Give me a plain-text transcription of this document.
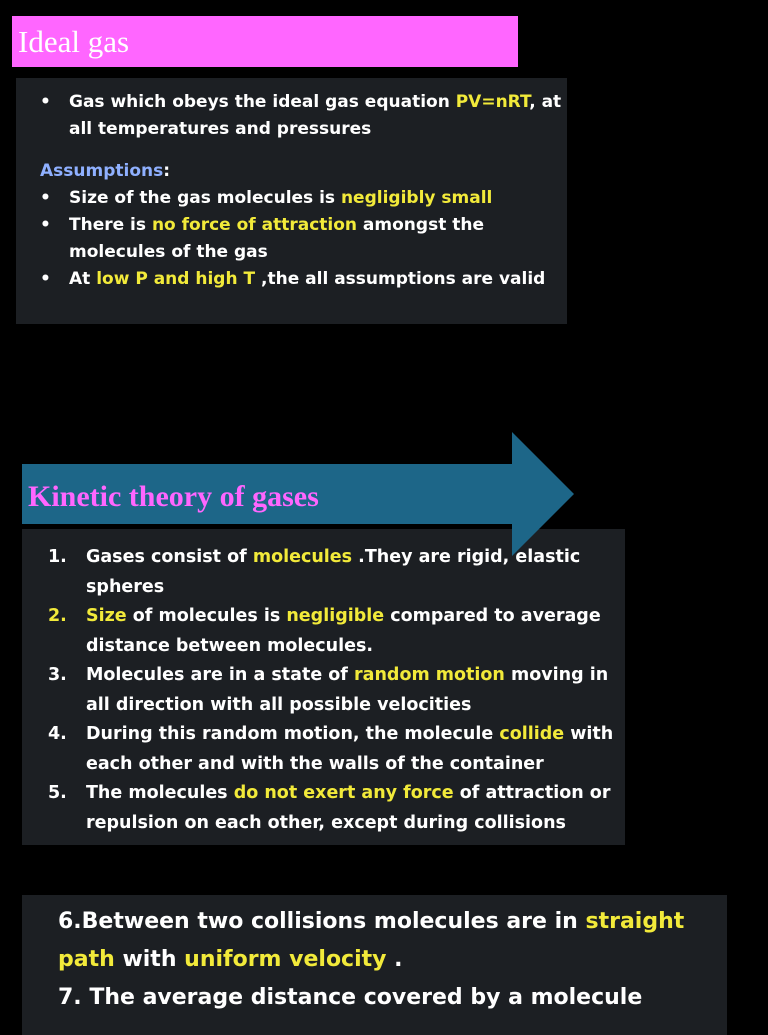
Ideal gas
• Gas which obeys the ideal gas equation PV=nRT, at all temperatures and pressures
Assumptions:
• Size of the gas molecules is negligibly small
• There is no force of attraction amongst the molecules of the gas
• At low P and high T ,the all assumptions are valid
1. Gases consist of molecules .They are rigid, elastic spheres
2. Size of molecules is negligible compared to average distance between molecules.
3. Molecules are in a state of random motion moving in all direction with all possible velocities
4. During this random motion, the molecule collide with each other and with the walls of the container
5. The molecules do not exert any force of attraction or repulsion on each other, except during collisions
Kinetic theory of gases
6.Between two collisions molecules are in straight path with uniform velocity .
7. The average distance covered by a molecule
